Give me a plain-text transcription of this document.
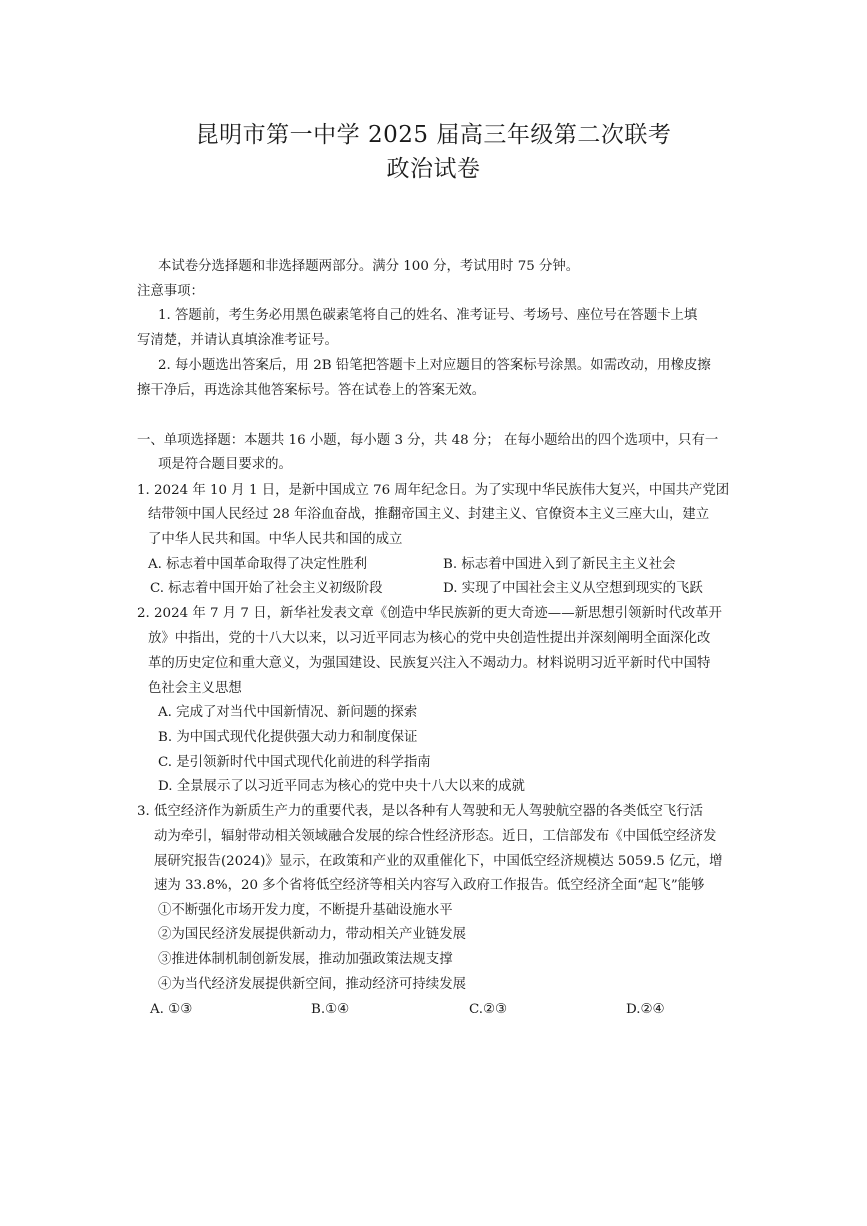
昆明市第一中学 2025 届高三年级第二次联考
政治试卷
本试卷分选择题和非选择题两部分。满分 100 分，考试用时 75 分钟。
注意事项：
1. 答题前，考生务必用黑色碳素笔将自己的姓名、准考证号、考场号、座位号在答题卡上填
写清楚，并请认真填涂准考证号。
2. 每小题选出答案后，用 2B 铅笔把答题卡上对应题目的答案标号涂黑。如需改动，用橡皮擦
擦干净后，再选涂其他答案标号。答在试卷上的答案无效。
一、单项选择题：本题共 16 小题，每小题 3 分，共 48 分； 在每小题给出的四个选项中，只有一
项是符合题目要求的。
1. 2024 年 10 月 1 日，是新中国成立 76 周年纪念日。为了实现中华民族伟大复兴，中国共产党团
结带领中国人民经过 28 年浴血奋战，推翻帝国主义、封建主义、官僚资本主义三座大山，建立
了中华人民共和国。中华人民共和国的成立
A. 标志着中国革命取得了决定性胜利	B. 标志着中国进入到了新民主主义社会
C. 标志着中国开始了社会主义初级阶段	D. 实现了中国社会主义从空想到现实的飞跃
2. 2024 年 7 月 7 日，新华社发表文章《创造中华民族新的更大奇迹——新思想引领新时代改革开
放》中指出，党的十八大以来，以习近平同志为核心的党中央创造性提出并深刻阐明全面深化改
革的历史定位和重大意义，为强国建设、民族复兴注入不竭动力。材料说明习近平新时代中国特
色社会主义思想
A. 完成了对当代中国新情况、新问题的探索
B. 为中国式现代化提供强大动力和制度保证
C. 是引领新时代中国式现代化前进的科学指南
D. 全景展示了以习近平同志为核心的党中央十八大以来的成就
3. 低空经济作为新质生产力的重要代表，是以各种有人驾驶和无人驾驶航空器的各类低空飞行活
动为牵引，辐射带动相关领域融合发展的综合性经济形态。近日，工信部发布《中国低空经济发
展研究报告(2024)》显示，在政策和产业的双重催化下，中国低空经济规模达 5059.5 亿元，增
速为 33.8%，20 多个省将低空经济等相关内容写入政府工作报告。低空经济全面“起飞”能够
①不断强化市场开发力度，不断提升基础设施水平
②为国民经济发展提供新动力，带动相关产业链发展
③推进体制机制创新发展，推动加强政策法规支撑
④为当代经济发展提供新空间，推动经济可持续发展
A. ①③	B.①④	C.②③	D.②④
